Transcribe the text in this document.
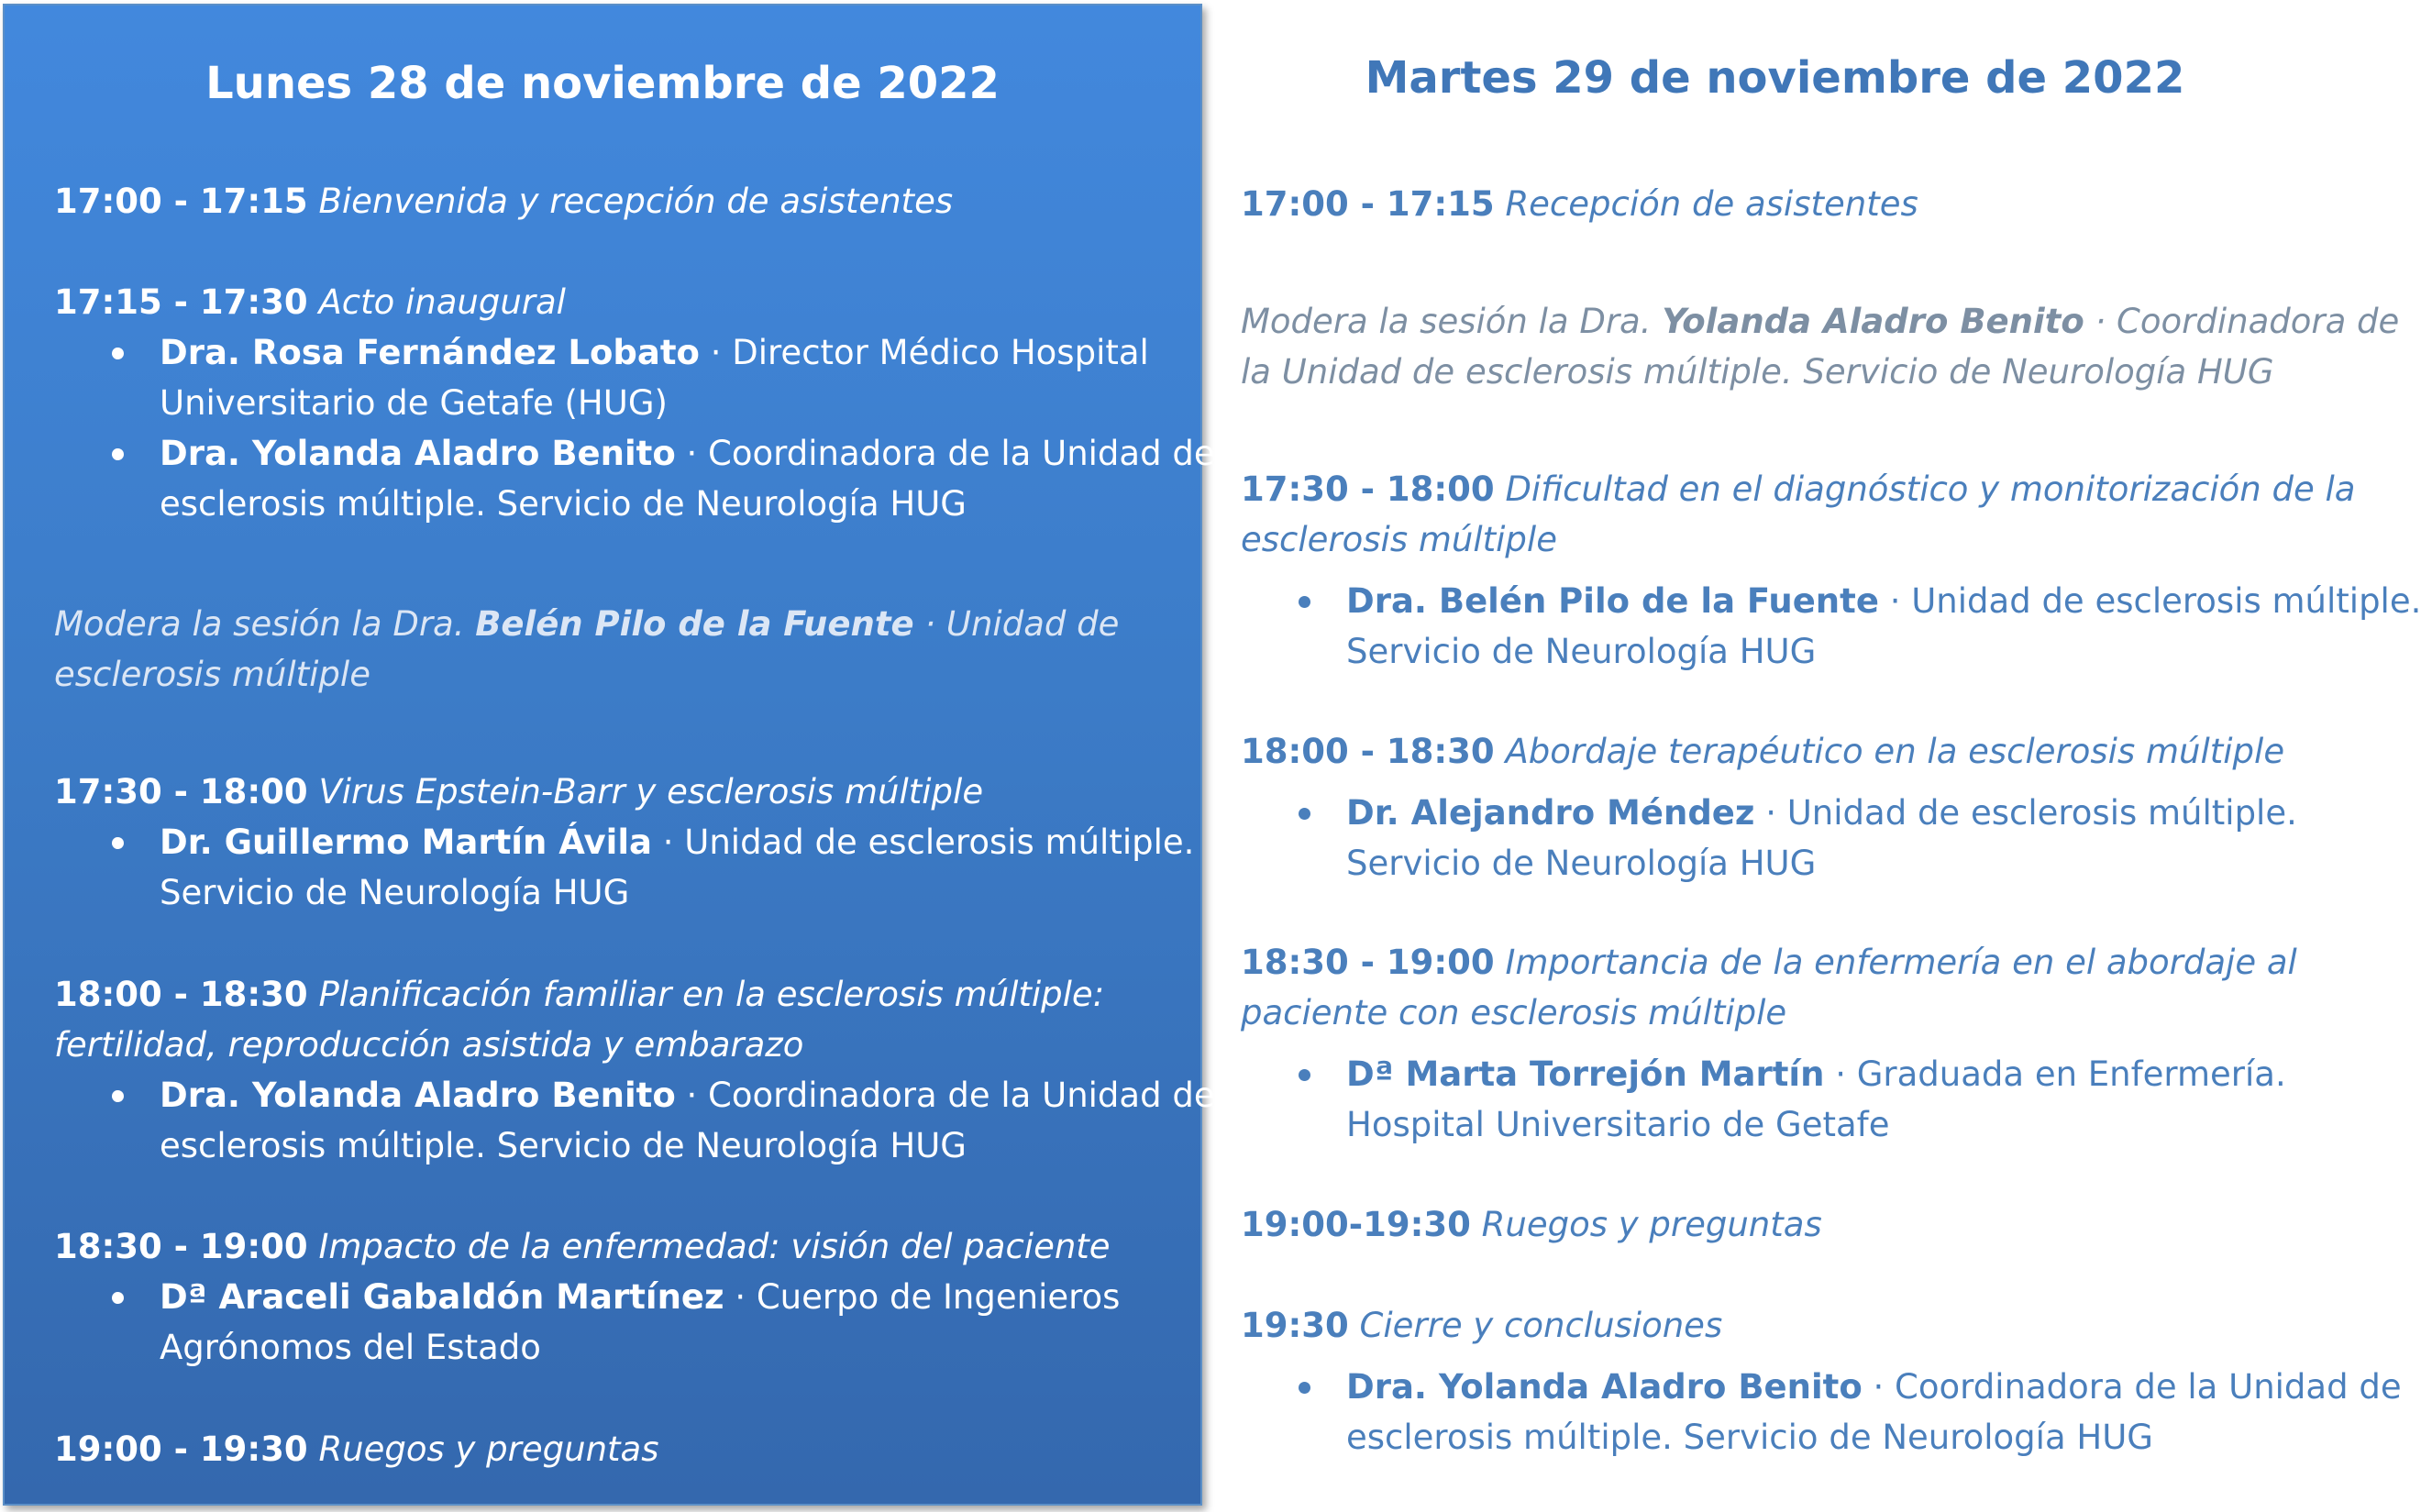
Lunes 28 de noviembre de 2022
17:00 - 17:15 Bienvenida y recepción de asistentes
17:15 - 17:30 Acto inaugural
Dra. Rosa Fernández Lobato · Director Médico Hospital
Universitario de Getafe (HUG)
Dra. Yolanda Aladro Benito · Coordinadora de la Unidad de
esclerosis múltiple. Servicio de Neurología HUG
Modera la sesión la Dra. Belén Pilo de la Fuente · Unidad de
esclerosis múltiple
17:30 - 18:00 Virus Epstein-Barr y esclerosis múltiple
Dr. Guillermo Martín Ávila · Unidad de esclerosis múltiple.
Servicio de Neurología HUG
18:00 - 18:30 Planificación familiar en la esclerosis múltiple:
fertilidad, reproducción asistida y embarazo
Dra. Yolanda Aladro Benito · Coordinadora de la Unidad de
esclerosis múltiple. Servicio de Neurología HUG
18:30 - 19:00 Impacto de la enfermedad: visión del paciente
Dª Araceli Gabaldón Martínez · Cuerpo de Ingenieros
Agrónomos del Estado
19:00 - 19:30 Ruegos y preguntas
Martes 29 de noviembre de 2022
17:00 - 17:15 Recepción de asistentes
Modera la sesión la Dra. Yolanda Aladro Benito · Coordinadora de
la Unidad de esclerosis múltiple. Servicio de Neurología HUG
17:30 - 18:00 Dificultad en el diagnóstico y monitorización de la
esclerosis múltiple
Dra. Belén Pilo de la Fuente · Unidad de esclerosis múltiple.
Servicio de Neurología HUG
18:00 - 18:30 Abordaje terapéutico en la esclerosis múltiple
Dr. Alejandro Méndez · Unidad de esclerosis múltiple.
Servicio de Neurología HUG
18:30 - 19:00 Importancia de la enfermería en el abordaje al
paciente con esclerosis múltiple
Dª Marta Torrejón Martín · Graduada en Enfermería.
Hospital Universitario de Getafe
19:00-19:30 Ruegos y preguntas
19:30 Cierre y conclusiones
Dra. Yolanda Aladro Benito · Coordinadora de la Unidad de
esclerosis múltiple. Servicio de Neurología HUG
